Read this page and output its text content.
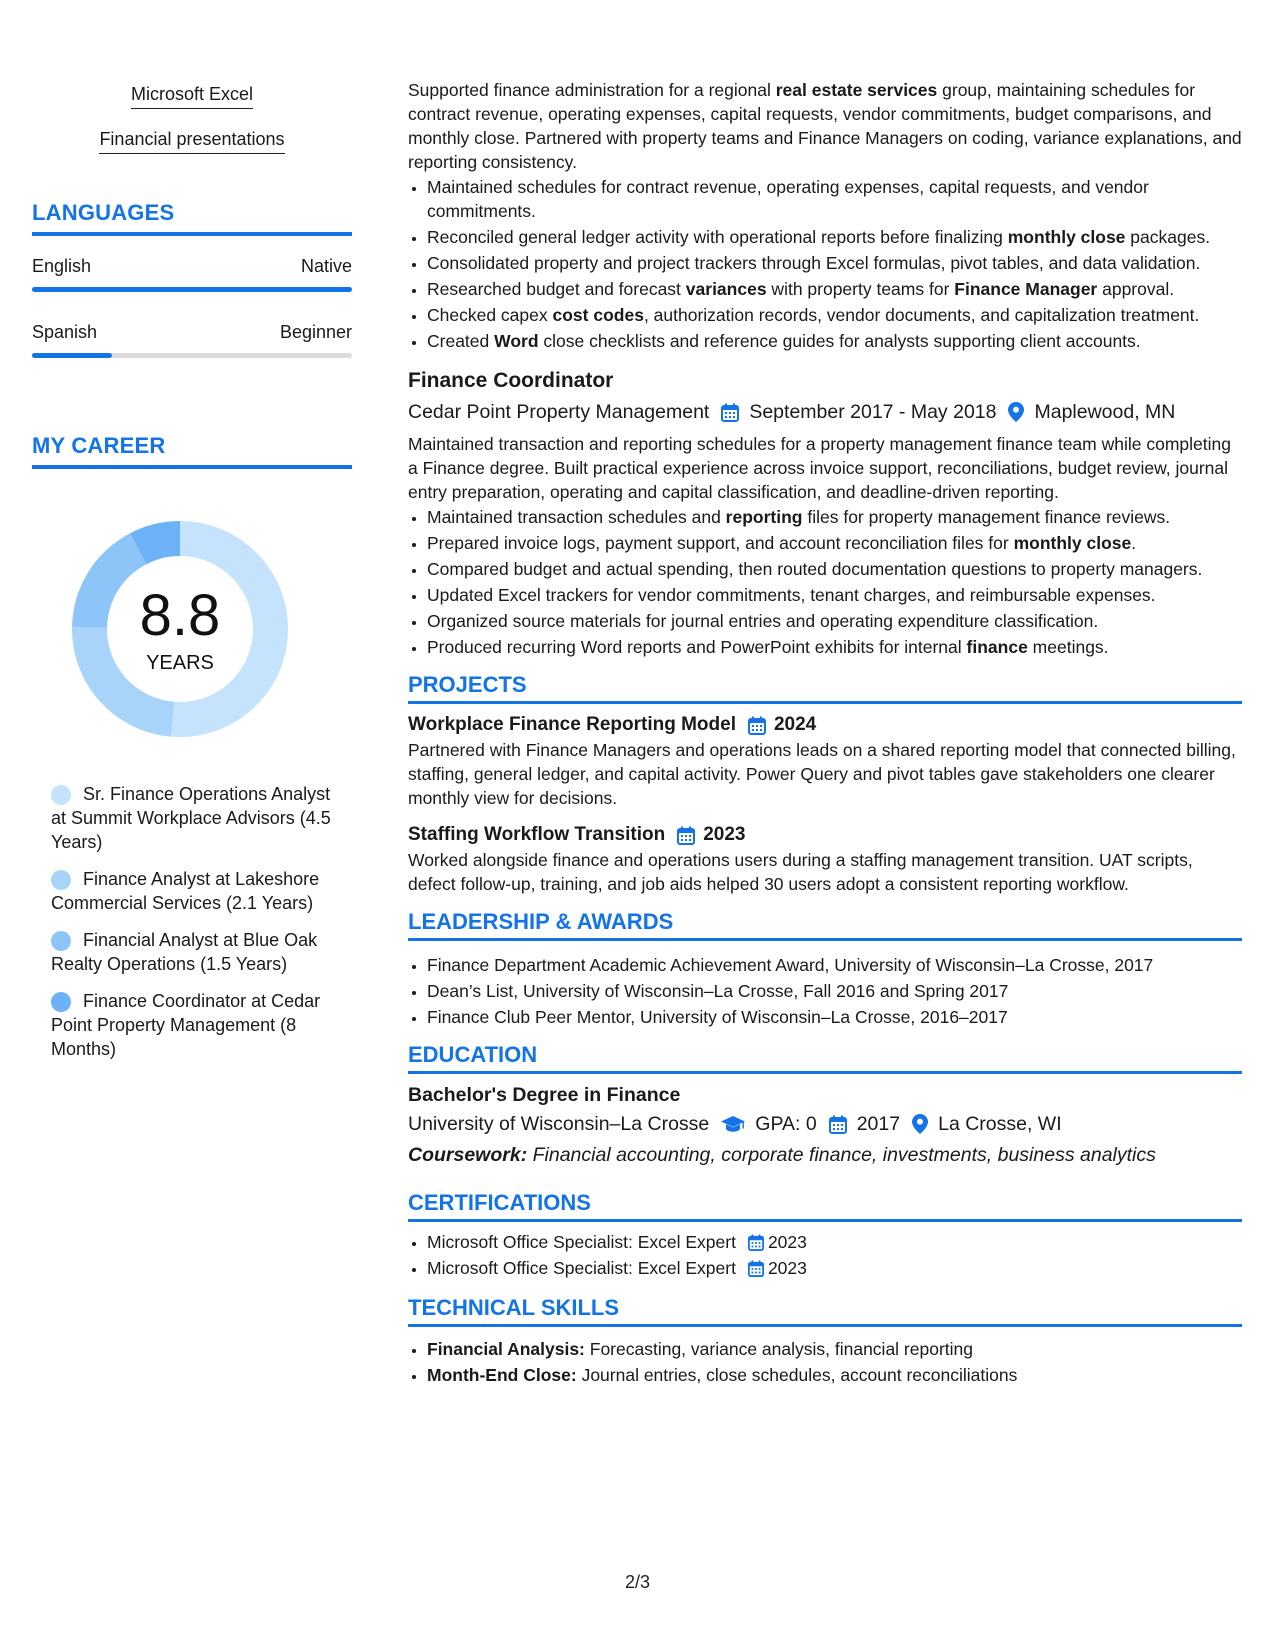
Microsoft Excel
Financial presentations
LANGUAGES
English	Native
Spanish	Beginner
MY CAREER
8.8
YEARS
Sr. Finance Operations Analyst at Summit Workplace Advisors (4.5 Years)
Finance Analyst at Lakeshore Commercial Services (2.1 Years)
Financial Analyst at Blue Oak Realty Operations (1.5 Years)
Finance Coordinator at Cedar Point Property Management (8 Months)

Supported finance administration for a regional real estate services group, maintaining schedules for contract revenue, operating expenses, capital requests, vendor commitments, budget comparisons, and monthly close. Partnered with property teams and Finance Managers on coding, variance explanations, and reporting consistency.

• Maintained schedules for contract revenue, operating expenses, capital requests, and vendor commitments.
• Reconciled general ledger activity with operational reports before finalizing monthly close packages.
• Consolidated property and project trackers through Excel formulas, pivot tables, and data validation.
• Researched budget and forecast variances with property teams for Finance Manager approval.
• Checked capex cost codes, authorization records, vendor documents, and capitalization treatment.
• Created Word close checklists and reference guides for analysts supporting client accounts.
Finance Coordinator
Cedar Point Property Management September 2017 - May 2018 Maplewood, MN

Maintained transaction and reporting schedules for a property management finance team while completing a Finance degree. Built practical experience across invoice support, reconciliations, budget review, journal entry preparation, operating and capital classification, and deadline-driven reporting.

• Maintained transaction schedules and reporting files for property management finance reviews.
• Prepared invoice logs, payment support, and account reconciliation files for monthly close.
• Compared budget and actual spending, then routed documentation questions to property managers.
• Updated Excel trackers for vendor commitments, tenant charges, and reimbursable expenses.
• Organized source materials for journal entries and operating expenditure classification.
• Produced recurring Word reports and PowerPoint exhibits for internal finance meetings.
PROJECTS
Workplace Finance Reporting Model 2024

Partnered with Finance Managers and operations leads on a shared reporting model that connected billing, staffing, general ledger, and capital activity. Power Query and pivot tables gave stakeholders one clearer monthly view for decisions.

Staffing Workflow Transition 2023

Worked alongside finance and operations users during a staffing management transition. UAT scripts, defect follow-up, training, and job aids helped 30 users adopt a consistent reporting workflow.

LEADERSHIP & AWARDS
• Finance Department Academic Achievement Award, University of Wisconsin–La Crosse, 2017
• Dean’s List, University of Wisconsin–La Crosse, Fall 2016 and Spring 2017
• Finance Club Peer Mentor, University of Wisconsin–La Crosse, 2016–2017
EDUCATION
Bachelor's Degree in Finance
University of Wisconsin–La Crosse GPA: 0 2017 La Crosse, WI
Coursework: Financial accounting, corporate finance, investments, business analytics
CERTIFICATIONS
• Microsoft Office Specialist: Excel Expert 2023
• Microsoft Office Specialist: Excel Expert 2023
TECHNICAL SKILLS
• Financial Analysis: Forecasting, variance analysis, financial reporting
• Month-End Close: Journal entries, close schedules, account reconciliations
2/3
